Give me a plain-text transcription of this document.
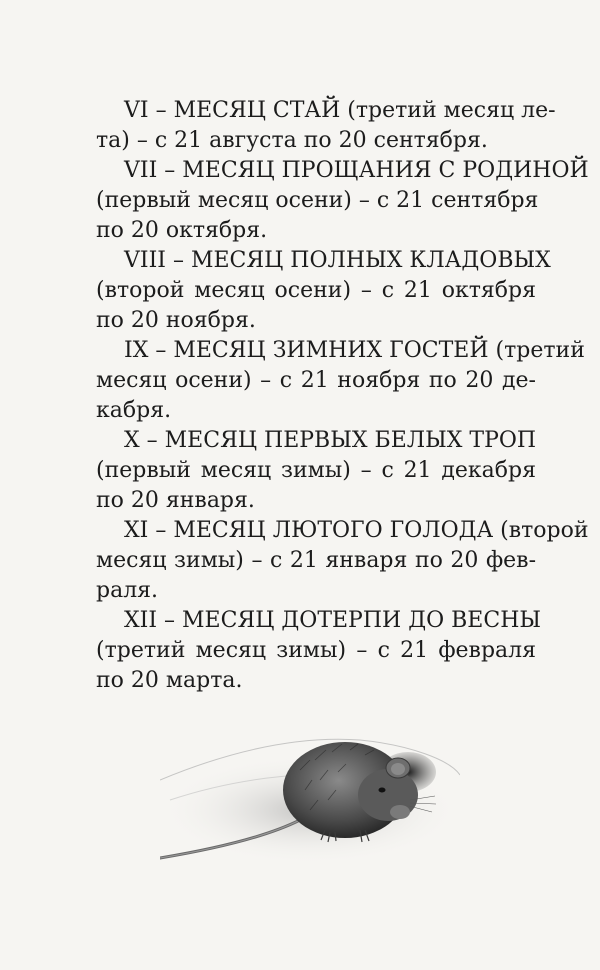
VI – МЕСЯЦ СТАЙ (третий месяц ле-
та) – с 21 августа по 20 сентября.
VII – МЕСЯЦ ПРОЩАНИЯ С РОДИНОЙ
(первый месяц осени) – с 21 сентября
по 20 октября.
VIII – МЕСЯЦ ПОЛНЫХ КЛАДОВЫХ
(второй месяц осени) – с 21 октября
по 20 ноября.
IX – МЕСЯЦ ЗИМНИХ ГОСТЕЙ (третий
месяц осени) – с 21 ноября по 20 де-
кабря.
X – МЕСЯЦ ПЕРВЫХ БЕЛЫХ ТРОП
(первый месяц зимы) – с 21 декабря
по 20 января.
XI – МЕСЯЦ ЛЮТОГО ГОЛОДА (второй
месяц зимы) – с 21 января по 20 фев-
раля.
XII – МЕСЯЦ ДОТЕРПИ ДО ВЕСНЫ
(третий месяц зимы) – с 21 февраля
по 20 марта.
